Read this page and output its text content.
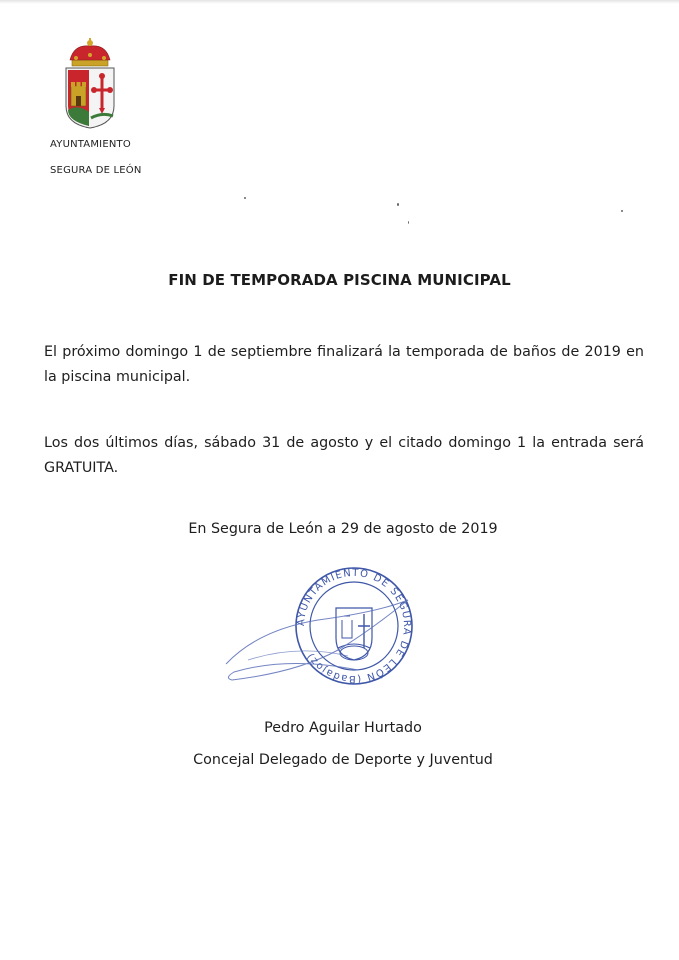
AYUNTAMIENTO
SEGURA DE LEÓN
FIN DE TEMPORADA PISCINA MUNICIPAL
El próximo domingo 1 de septiembre finalizará la temporada de baños de 2019 en la piscina municipal.
Los dos últimos días, sábado 31 de agosto y el citado domingo 1 la entrada será GRATUITA.
En Segura de León a 29 de agosto de 2019
AYUNTAMIENTO DE SEGURA DE LEÓN (Badajoz)
Pedro Aguilar Hurtado
Concejal Delegado de Deporte y Juventud
